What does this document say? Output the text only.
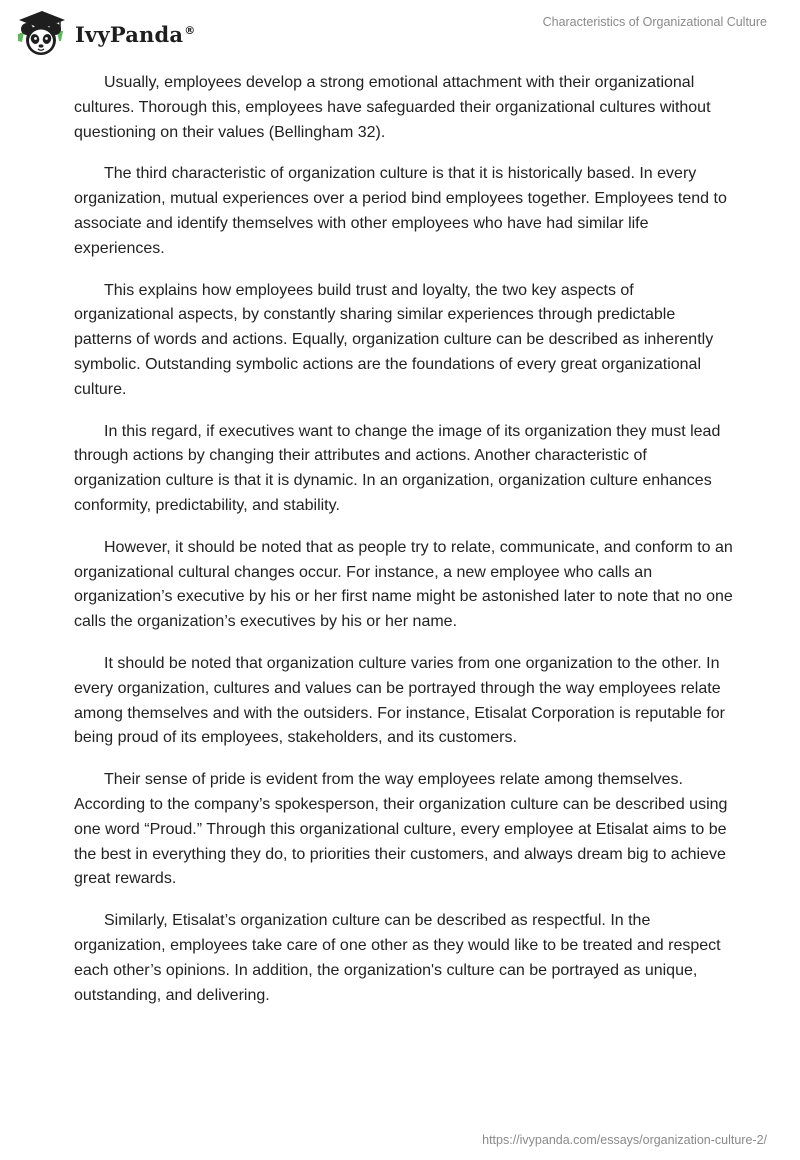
IvyPanda®
Characteristics of Organizational Culture

Usually, employees develop a strong emotional attachment with their organizational cultures. Thorough this, employees have safeguarded their organizational cultures without questioning on their values (Bellingham 32).

The third characteristic of organization culture is that it is historically based. In every organization, mutual experiences over a period bind employees together. Employees tend to associate and identify themselves with other employees who have had similar life experiences.

This explains how employees build trust and loyalty, the two key aspects of organizational aspects, by constantly sharing similar experiences through predictable patterns of words and actions. Equally, organization culture can be described as inherently symbolic. Outstanding symbolic actions are the foundations of every great organizational culture.

In this regard, if executives want to change the image of its organization they must lead through actions by changing their attributes and actions. Another characteristic of organization culture is that it is dynamic. In an organization, organization culture enhances conformity, predictability, and stability.

However, it should be noted that as people try to relate, communicate, and conform to an organizational cultural changes occur. For instance, a new employee who calls an organization’s executive by his or her first name might be astonished later to note that no one calls the organization’s executives by his or her name.

It should be noted that organization culture varies from one organization to the other. In every organization, cultures and values can be portrayed through the way employees relate among themselves and with the outsiders. For instance, Etisalat Corporation is reputable for being proud of its employees, stakeholders, and its customers.

Their sense of pride is evident from the way employees relate among themselves. According to the company’s spokesperson, their organization culture can be described using one word “Proud.” Through this organizational culture, every employee at Etisalat aims to be the best in everything they do, to priorities their customers, and always dream big to achieve great rewards.

Similarly, Etisalat’s organization culture can be described as respectful. In the organization, employees take care of one other as they would like to be treated and respect each other’s opinions. In addition, the organization's culture can be portrayed as unique, outstanding, and delivering.

https://ivypanda.com/essays/organization-culture-2/
